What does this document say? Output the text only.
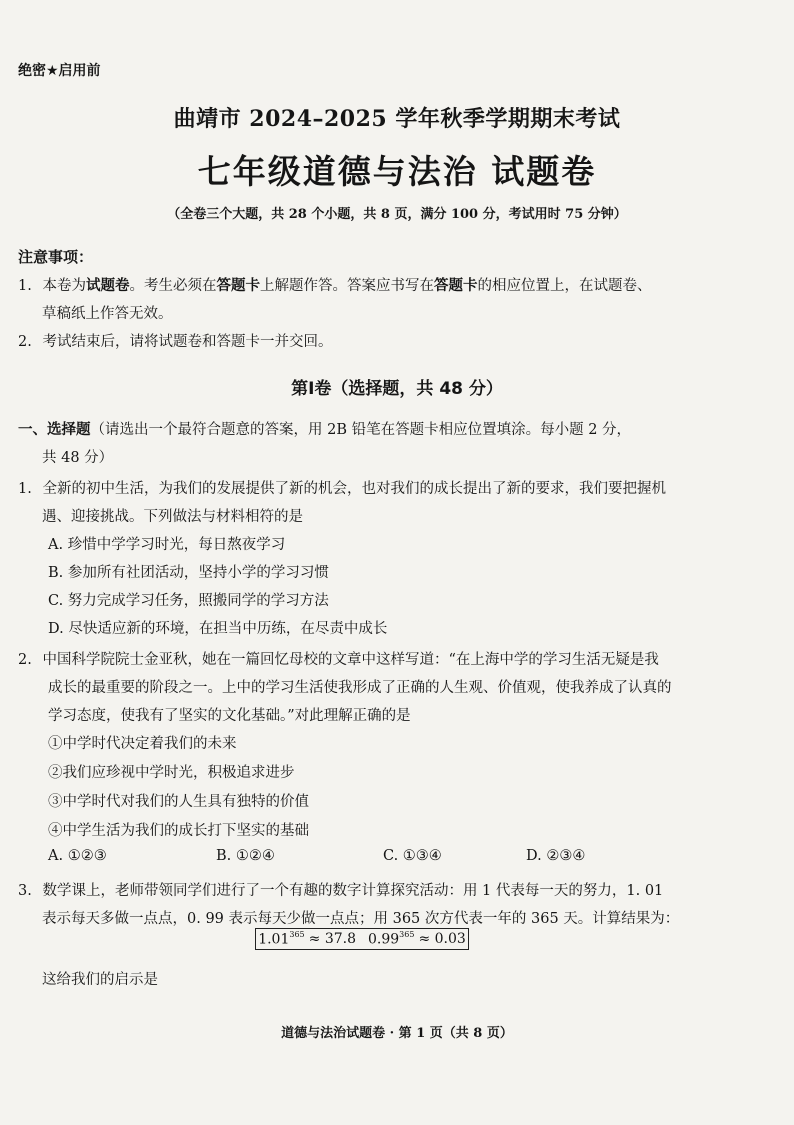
绝密★启用前
曲靖市 2024–2025 学年秋季学期期末考试
七年级道德与法治 试题卷
（全卷三个大题，共 28 个小题，共 8 页，满分 100 分，考试用时 75 分钟）
注意事项：
1. 本卷为试题卷。考生必须在答题卡上解题作答。答案应书写在答题卡的相应位置上，在试题卷、
草稿纸上作答无效。
2. 考试结束后，请将试题卷和答题卡一并交回。
第Ⅰ卷（选择题，共 48 分）
一、选择题（请选出一个最符合题意的答案，用 2B 铅笔在答题卡相应位置填涂。每小题 2 分，
共 48 分）
1. 全新的初中生活，为我们的发展提供了新的机会，也对我们的成长提出了新的要求，我们要把握机
遇、迎接挑战。下列做法与材料相符的是
A. 珍惜中学学习时光，每日熬夜学习
B. 参加所有社团活动，坚持小学的学习习惯
C. 努力完成学习任务，照搬同学的学习方法
D. 尽快适应新的环境，在担当中历练，在尽责中成长
2. 中国科学院院士金亚秋，她在一篇回忆母校的文章中这样写道：“在上海中学的学习生活无疑是我
成长的最重要的阶段之一。上中的学习生活使我形成了正确的人生观、价值观，使我养成了认真的
学习态度，使我有了坚实的文化基础。”对此理解正确的是
①中学时代决定着我们的未来
②我们应珍视中学时光，积极追求进步
③中学时代对我们的人生具有独特的价值
④中学生活为我们的成长打下坚实的基础
A. ①②③	B. ①②④	C. ①③④	D. ②③④
3. 数学课上，老师带领同学们进行了一个有趣的数字计算探究活动：用 1 代表每一天的努力，1. 01
表示每天多做一点点，0. 99 表示每天少做一点点；用 365 次方代表一年的 365 天。计算结果为：
$1.01^{365} \approx 37.8$ $0.99^{365} \approx 0.03$
这给我们的启示是
道德与法治试题卷 · 第 1 页（共 8 页）
